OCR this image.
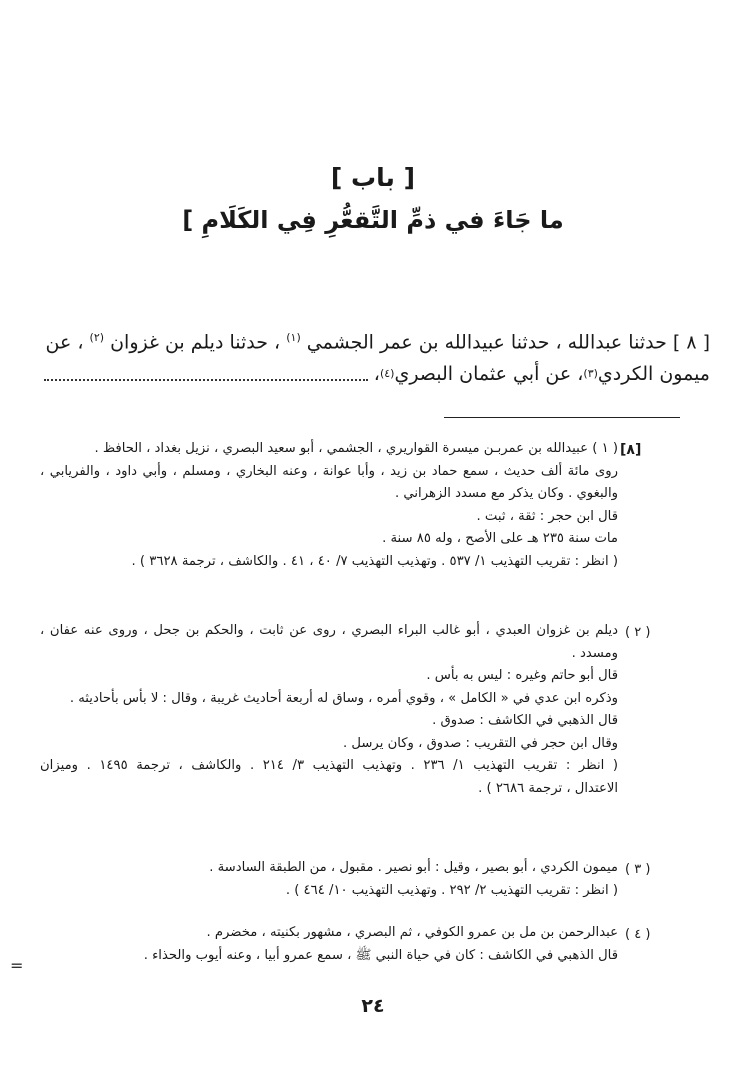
[ باب ]
ما جَاءَ في ذمِّ التَّقعُّرِ فِي الكَلَامِ ]
[ ٨ ] حدثنا عبدالله ، حدثنا عبيدالله بن عمر الجشمي $^{(١)}$ ، حدثنا ديلم بن غزوان $^{(٢)}$ ، عن
ميمون الكردي
(٣)
، عن أبي عثمان البصري
(٤)
،
[٨]
( ١ ) عبيدالله بن عمربـن ميسرة القواريري ، الجشمي ، أبو سعيد البصري ، نزيل بغداد ، الحافظ .
روى مائة ألف حديث ، سمع حماد بن زيد ، وأبا عوانة ، وعنه البخاري ، ومسلم ، وأبي داود ، والفريابي ،
والبغوي . وكان يذكر مع مسدد الزهراني .
قال ابن حجر : ثقة ، ثبت .
مات سنة ٢٣٥ هـ على الأصح ، وله ٨٥ سنة .
( انظر : تقريب التهذيب ١/ ٥٣٧ . وتهذيب التهذيب ٧/ ٤٠ ، ٤١ . والكاشف ، ترجمة ٣٦٢٨ ) .
( ٢ )
ديلم بن غزوان العبدي ، أبو غالب البراء البصري ، روى عن ثابت ، والحكم بن جحل ، وروى عنه عفان ،
ومسدد .
قال أبو حاتم وغيره : ليس به بأس .
وذكره ابن عدي في « الكامل » ، وقوي أمره ، وساق له أربعة أحاديث غريبة ، وقال : لا بأس بأحاديثه .
قال الذهبي في الكاشف : صدوق .
وقال ابن حجر في التقريب : صدوق ، وكان يرسل .
( انظر : تقريب التهذيب ١/ ٢٣٦ . وتهذيب التهذيب ٣/ ٢١٤ . والكاشف ، ترجمة ١٤٩٥ . وميزان
الاعتدال ، ترجمة ٢٦٨٦ ) .
( ٣ )
ميمون الكردي ، أبو بصير ، وقيل : أبو نصير . مقبول ، من الطبقة السادسة .
( انظر : تقريب التهذيب ٢/ ٢٩٢ . وتهذيب التهذيب ١٠/ ٤٦٤ ) .
( ٤ )
عبدالرحمن بن مل بن عمرو الكوفي ، ثم البصري ، مشهور بكنيته ، مخضرم .
قال الذهبي في الكاشف : كان في حياة النبي ﷺ ، سمع عمرو أبيا ، وعنه أيوب والحذاء .
=
٢٤
